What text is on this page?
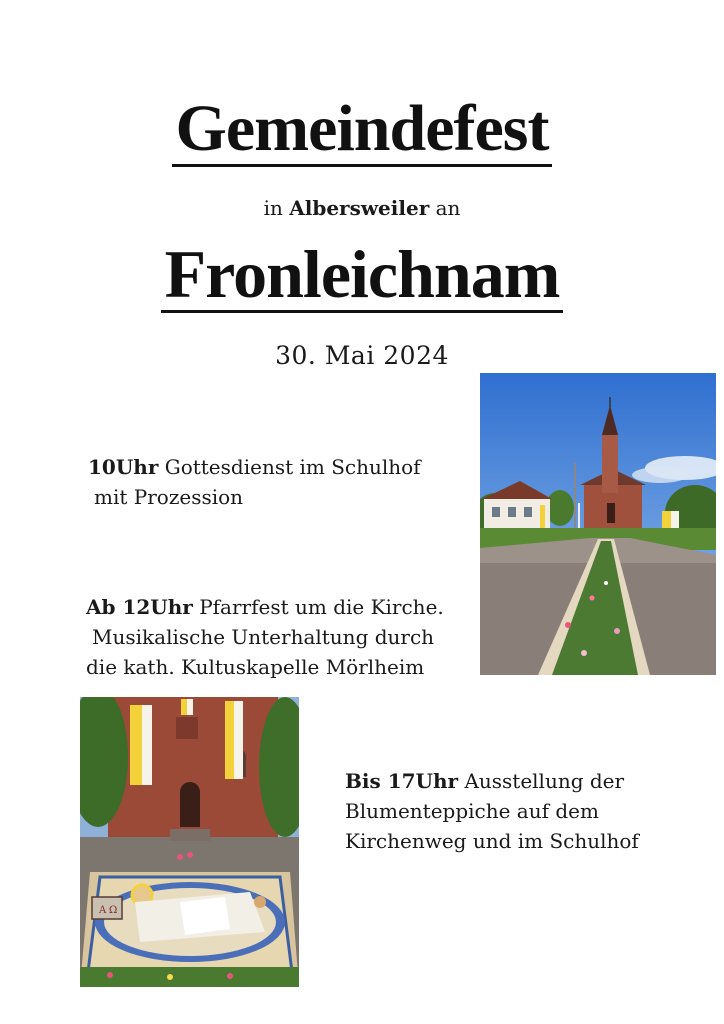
Gemeindefest
in Albersweiler an
Fronleichnam
30. Mai 2024
A Ω
10Uhr Gottesdienst im Schulhof
mit Prozession
Ab 12Uhr Pfarrfest um die Kirche.
Musikalische Unterhaltung durch
die kath. Kultuskapelle Mörlheim
Bis 17Uhr Ausstellung der
Blumenteppiche auf dem
Kirchenweg und im Schulhof
